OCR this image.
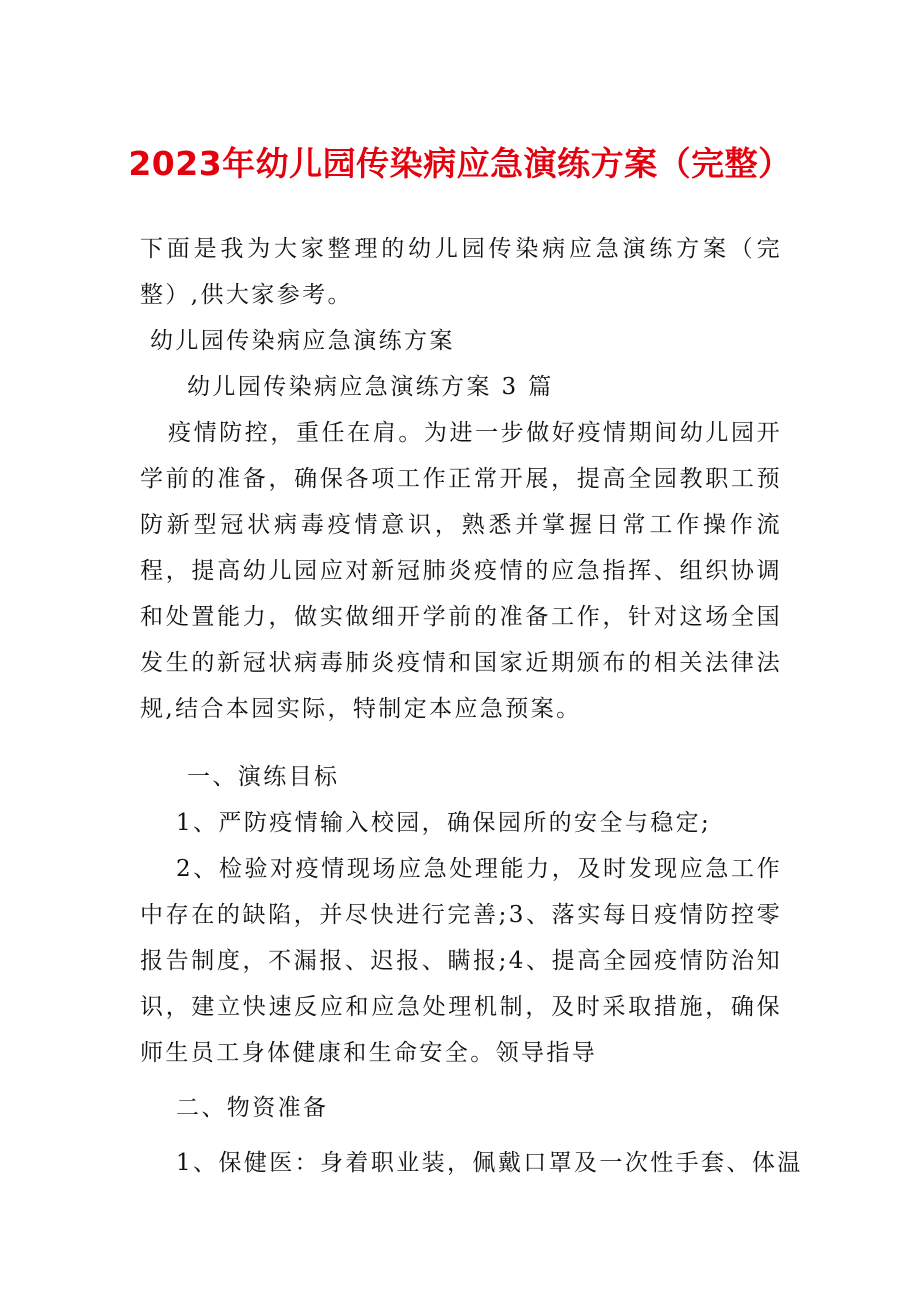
2023年幼儿园传染病应急演练方案（完整）

下面是我为大家整理的幼儿园传染病应急演练方案（完整）,供大家参考。

幼儿园传染病应急演练方案

幼儿园传染病应急演练方案 3 篇

疫情防控，重任在肩。为进一步做好疫情期间幼儿园开学前的准备，确保各项工作正常开展，提高全园教职工预防新型冠状病毒疫情意识，熟悉并掌握日常工作操作流程，提高幼儿园应对新冠肺炎疫情的应急指挥、组织协调和处置能力，做实做细开学前的准备工作，针对这场全国发生的新冠状病毒肺炎疫情和国家近期颁布的相关法律法规,结合本园实际，特制定本应急预案。

一、演练目标

1、严防疫情输入校园，确保园所的安全与稳定;

2、检验对疫情现场应急处理能力，及时发现应急工作中存在的缺陷，并尽快进行完善;3、落实每日疫情防控零报告制度，不漏报、迟报、瞒报;4、提高全园疫情防治知识，建立快速反应和应急处理机制，及时采取措施，确保师生员工身体健康和生命安全。领导指导

二、物资准备

1、保健医：身着职业装，佩戴口罩及一次性手套、体温
